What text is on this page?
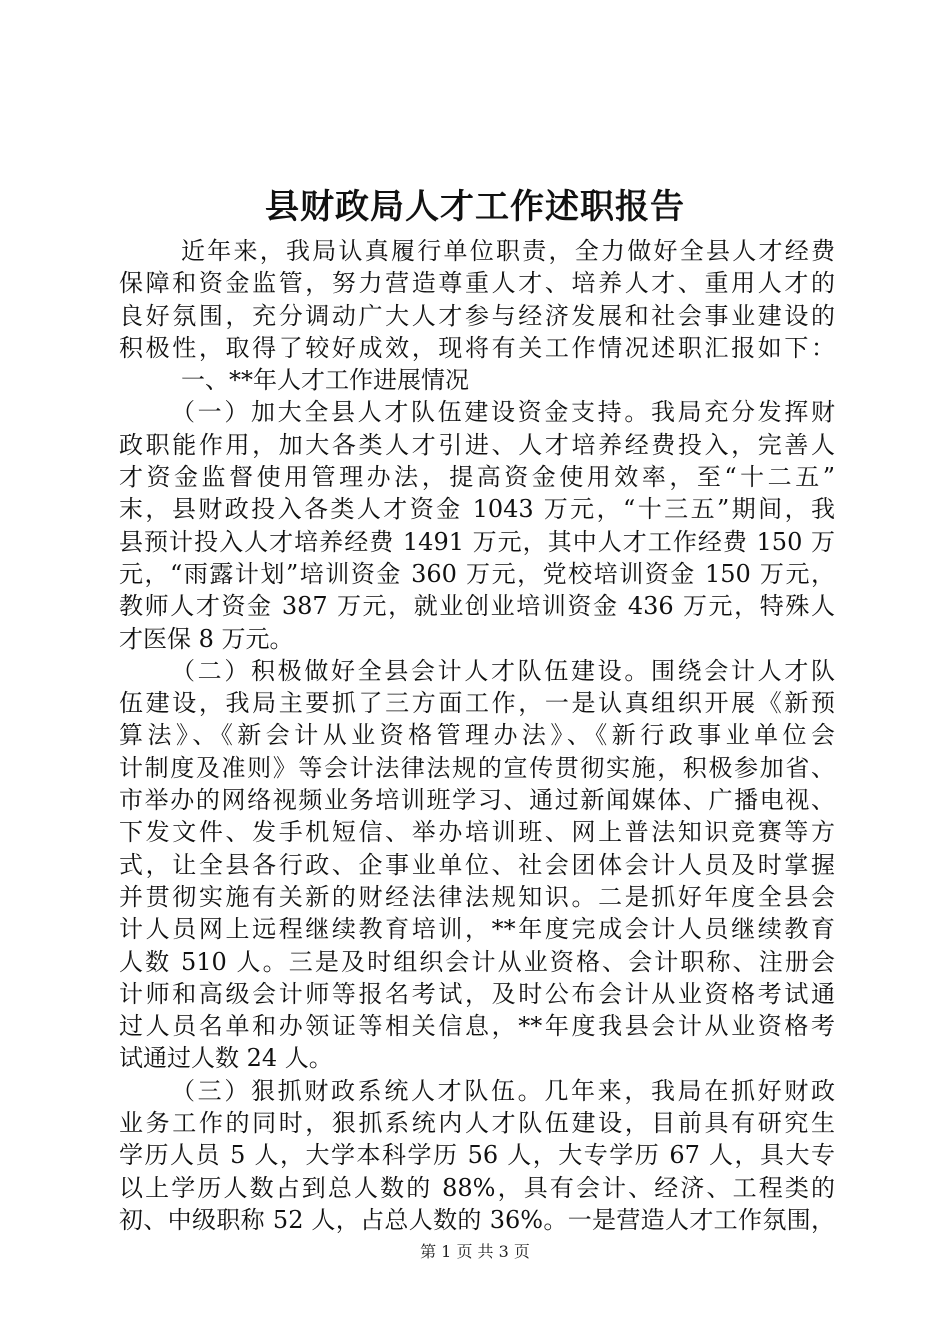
县财政局人才工作述职报告
近年来，我局认真履行单位职责，全力做好全县人才经费
保障和资金监管，努力营造尊重人才、培养人才、重用人才的
良好氛围，充分调动广大人才参与经济发展和社会事业建设的
积极性，取得了较好成效，现将有关工作情况述职汇报如下：
一、**年人才工作进展情况
（一）加大全县人才队伍建设资金支持。我局充分发挥财
政职能作用，加大各类人才引进、人才培养经费投入，完善人
才资金监督使用管理办法，提高资金使用效率，至“十二五”
末，县财政投入各类人才资金 1043 万元，“十三五”期间，我
县预计投入人才培养经费 1491 万元，其中人才工作经费 150 万
元，“雨露计划”培训资金 360 万元，党校培训资金 150 万元，
教师人才资金 387 万元，就业创业培训资金 436 万元，特殊人
才医保 8 万元。
（二）积极做好全县会计人才队伍建设。围绕会计人才队
伍建设，我局主要抓了三方面工作，一是认真组织开展《新预
算法》、《新会计从业资格管理办法》、《新行政事业单位会
计制度及准则》等会计法律法规的宣传贯彻实施，积极参加省、
市举办的网络视频业务培训班学习、通过新闻媒体、广播电视、
下发文件、发手机短信、举办培训班、网上普法知识竞赛等方
式，让全县各行政、企事业单位、社会团体会计人员及时掌握
并贯彻实施有关新的财经法律法规知识。二是抓好年度全县会
计人员网上远程继续教育培训，**年度完成会计人员继续教育
人数 510 人。三是及时组织会计从业资格、会计职称、注册会
计师和高级会计师等报名考试，及时公布会计从业资格考试通
过人员名单和办领证等相关信息，**年度我县会计从业资格考
试通过人数 24 人。
（三）狠抓财政系统人才队伍。几年来，我局在抓好财政
业务工作的同时，狠抓系统内人才队伍建设，目前具有研究生
学历人员 5 人，大学本科学历 56 人，大专学历 67 人，具大专
以上学历人数占到总人数的 88%，具有会计、经济、工程类的
初、中级职称 52 人，占总人数的 36%。一是营造人才工作氛围，
第 1 页 共 3 页
